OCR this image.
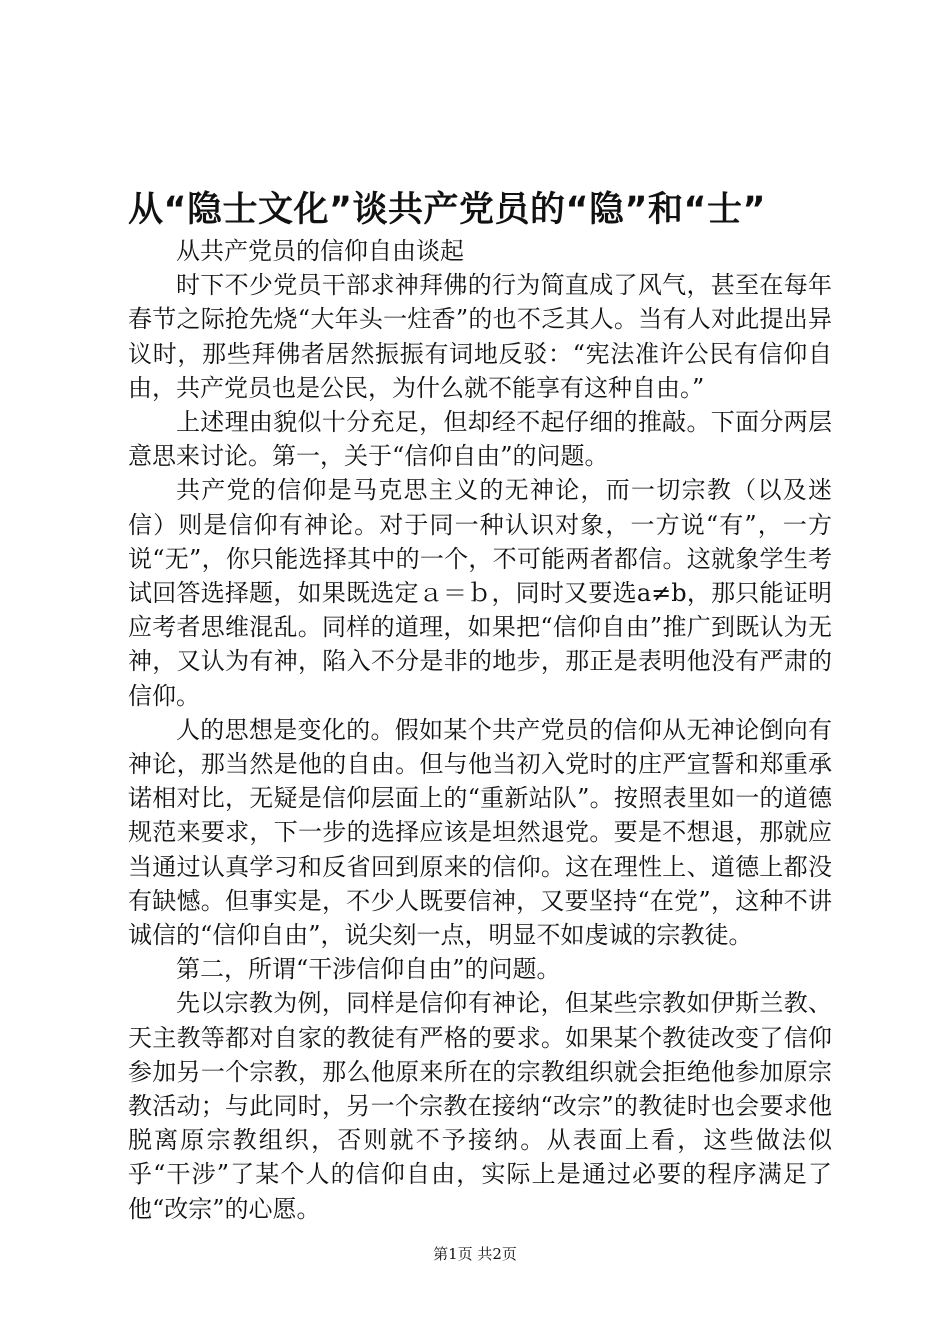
从“隐士文化”谈共产党员的“隐”和“士”

从共产党员的信仰自由谈起

时下不少党员干部求神拜佛的行为简直成了风气，甚至在每年春节之际抢先烧“大年头一炷香”的也不乏其人。当有人对此提出异议时，那些拜佛者居然振振有词地反驳：“宪法准许公民有信仰自由，共产党员也是公民，为什么就不能享有这种自由。”

上述理由貌似十分充足，但却经不起仔细的推敲。下面分两层意思来讨论。第一，关于“信仰自由”的问题。

共产党的信仰是马克思主义的无神论，而一切宗教（以及迷信）则是信仰有神论。对于同一种认识对象，一方说“有”，一方说“无”，你只能选择其中的一个，不可能两者都信。这就象学生考试回答选择题，如果既选定ａ＝ｂ，同时又要选a≠b，那只能证明应考者思维混乱。同样的道理，如果把“信仰自由”推广到既认为无神，又认为有神，陷入不分是非的地步，那正是表明他没有严肃的信仰。

人的思想是变化的。假如某个共产党员的信仰从无神论倒向有神论，那当然是他的自由。但与他当初入党时的庄严宣誓和郑重承诺相对比，无疑是信仰层面上的“重新站队”。按照表里如一的道德规范来要求，下一步的选择应该是坦然退党。要是不想退，那就应当通过认真学习和反省回到原来的信仰。这在理性上、道德上都没有缺憾。但事实是，不少人既要信神，又要坚持“在党”，这种不讲诚信的“信仰自由”，说尖刻一点，明显不如虔诚的宗教徒。

第二，所谓“干涉信仰自由”的问题。

先以宗教为例，同样是信仰有神论，但某些宗教如伊斯兰教、天主教等都对自家的教徒有严格的要求。如果某个教徒改变了信仰参加另一个宗教，那么他原来所在的宗教组织就会拒绝他参加原宗教活动；与此同时，另一个宗教在接纳“改宗”的教徒时也会要求他脱离原宗教组织，否则就不予接纳。从表面上看，这些做法似乎“干涉”了某个人的信仰自由，实际上是通过必要的程序满足了他“改宗”的心愿。

第1页 共2页
